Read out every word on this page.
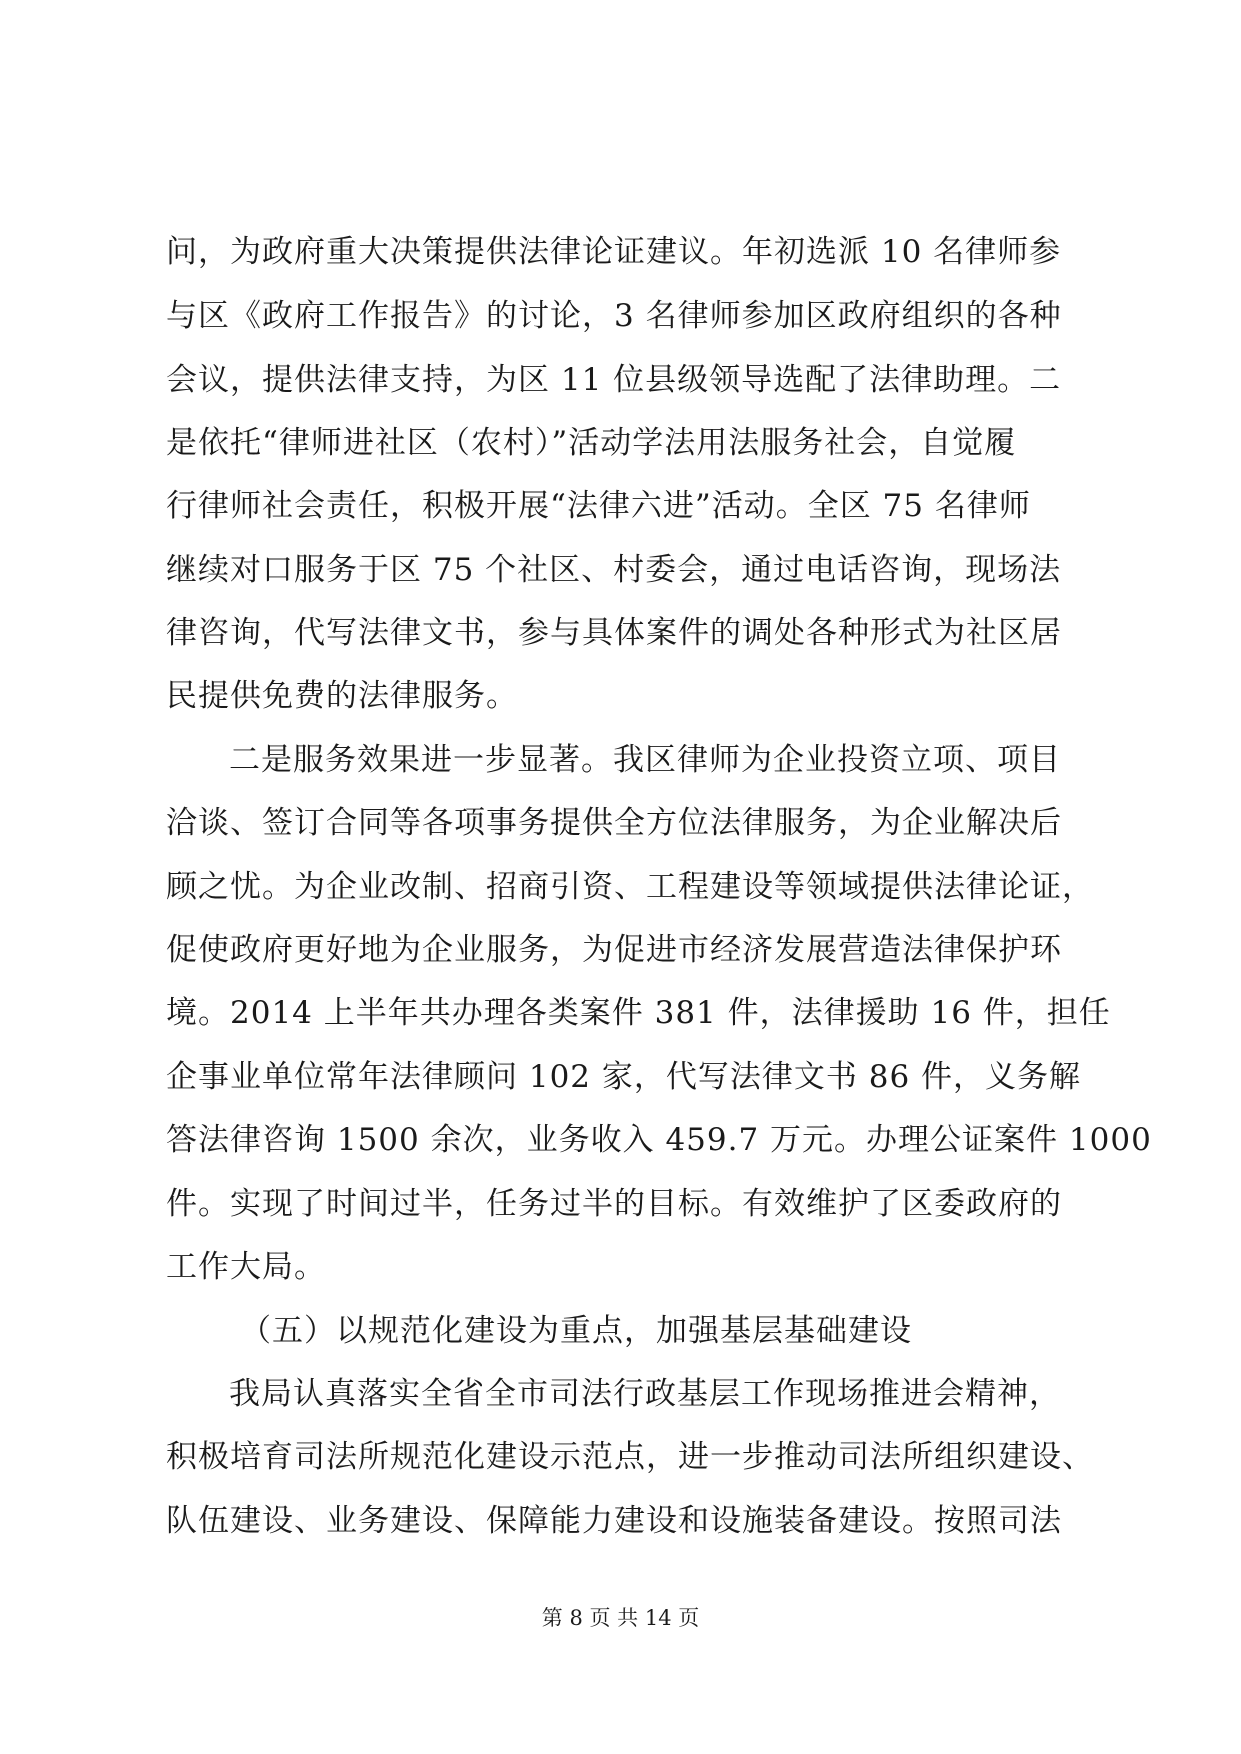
问，为政府重大决策提供法律论证建议。年初选派 10 名律师参
与区《政府工作报告》的讨论，3 名律师参加区政府组织的各种
会议，提供法律支持，为区 11 位县级领导选配了法律助理。二
是依托“律师进社区（农村）”活动学法用法服务社会，自觉履
行律师社会责任，积极开展“法律六进”活动。全区 75 名律师
继续对口服务于区 75 个社区、村委会，通过电话咨询，现场法
律咨询，代写法律文书，参与具体案件的调处各种形式为社区居
民提供免费的法律服务。
二是服务效果进一步显著。我区律师为企业投资立项、项目
洽谈、签订合同等各项事务提供全方位法律服务，为企业解决后
顾之忧。为企业改制、招商引资、工程建设等领域提供法律论证，
促使政府更好地为企业服务，为促进市经济发展营造法律保护环
境。2014 上半年共办理各类案件 381 件，法律援助 16 件，担任
企事业单位常年法律顾问 102 家，代写法律文书 86 件，义务解
答法律咨询 1500 余次，业务收入 459.7 万元。办理公证案件 1000
件。实现了时间过半，任务过半的目标。有效维护了区委政府的
工作大局。
（五）以规范化建设为重点，加强基层基础建设
我局认真落实全省全市司法行政基层工作现场推进会精神，
积极培育司法所规范化建设示范点，进一步推动司法所组织建设、
队伍建设、业务建设、保障能力建设和设施装备建设。按照司法
第 8 页 共 14 页
